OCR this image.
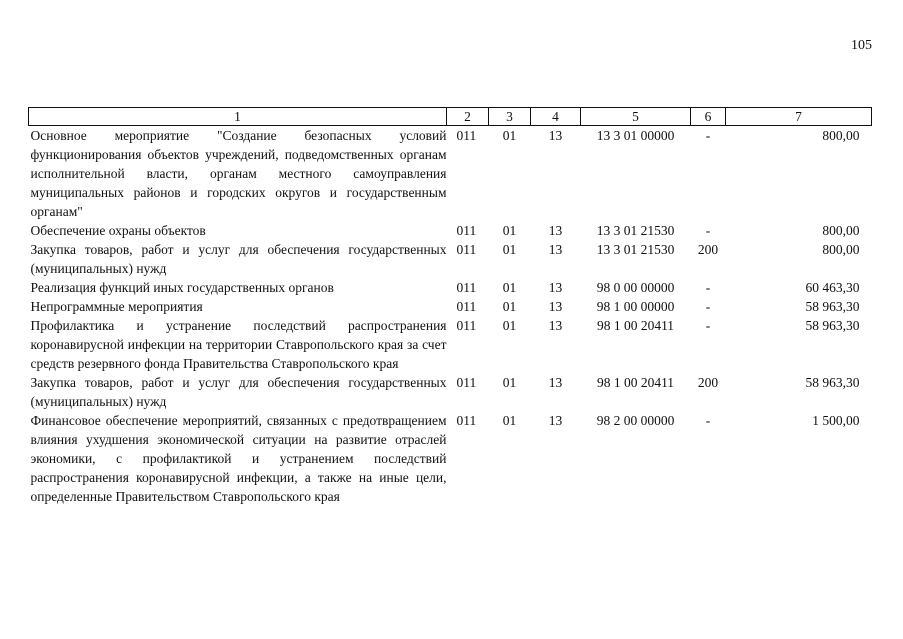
105
1	2	3	4	5	6	7
Основное мероприятие "Создание безопасных условий функционирования объектов учреждений, подведомственных органам исполнительной власти, органам местного самоуправления муниципальных районов и городских округов и государственным органам"	011	01	13	13 3 01 00000	-	800,00
Обеспечение охраны объектов	011	01	13	13 3 01 21530	-	800,00
Закупка товаров, работ и услуг для обеспечения государственных (муниципальных) нужд	011	01	13	13 3 01 21530	200	800,00
Реализация функций иных государственных органов	011	01	13	98 0 00 00000	-	60 463,30
Непрограммные мероприятия	011	01	13	98 1 00 00000	-	58 963,30
Профилактика и устранение последствий распространения коронавирусной инфекции на территории Ставропольского края за счет средств резервного фонда Правительства Ставропольского края	011	01	13	98 1 00 20411	-	58 963,30
Закупка товаров, работ и услуг для обеспечения государственных (муниципальных) нужд	011	01	13	98 1 00 20411	200	58 963,30
Финансовое обеспечение мероприятий, связанных с предотвращением влияния ухудшения экономической ситуации на развитие отраслей экономики, с профилактикой и устранением последствий распространения коронавирусной инфекции, а также на иные цели, определенные Правительством Ставропольского края	011	01	13	98 2 00 00000	-	1 500,00
